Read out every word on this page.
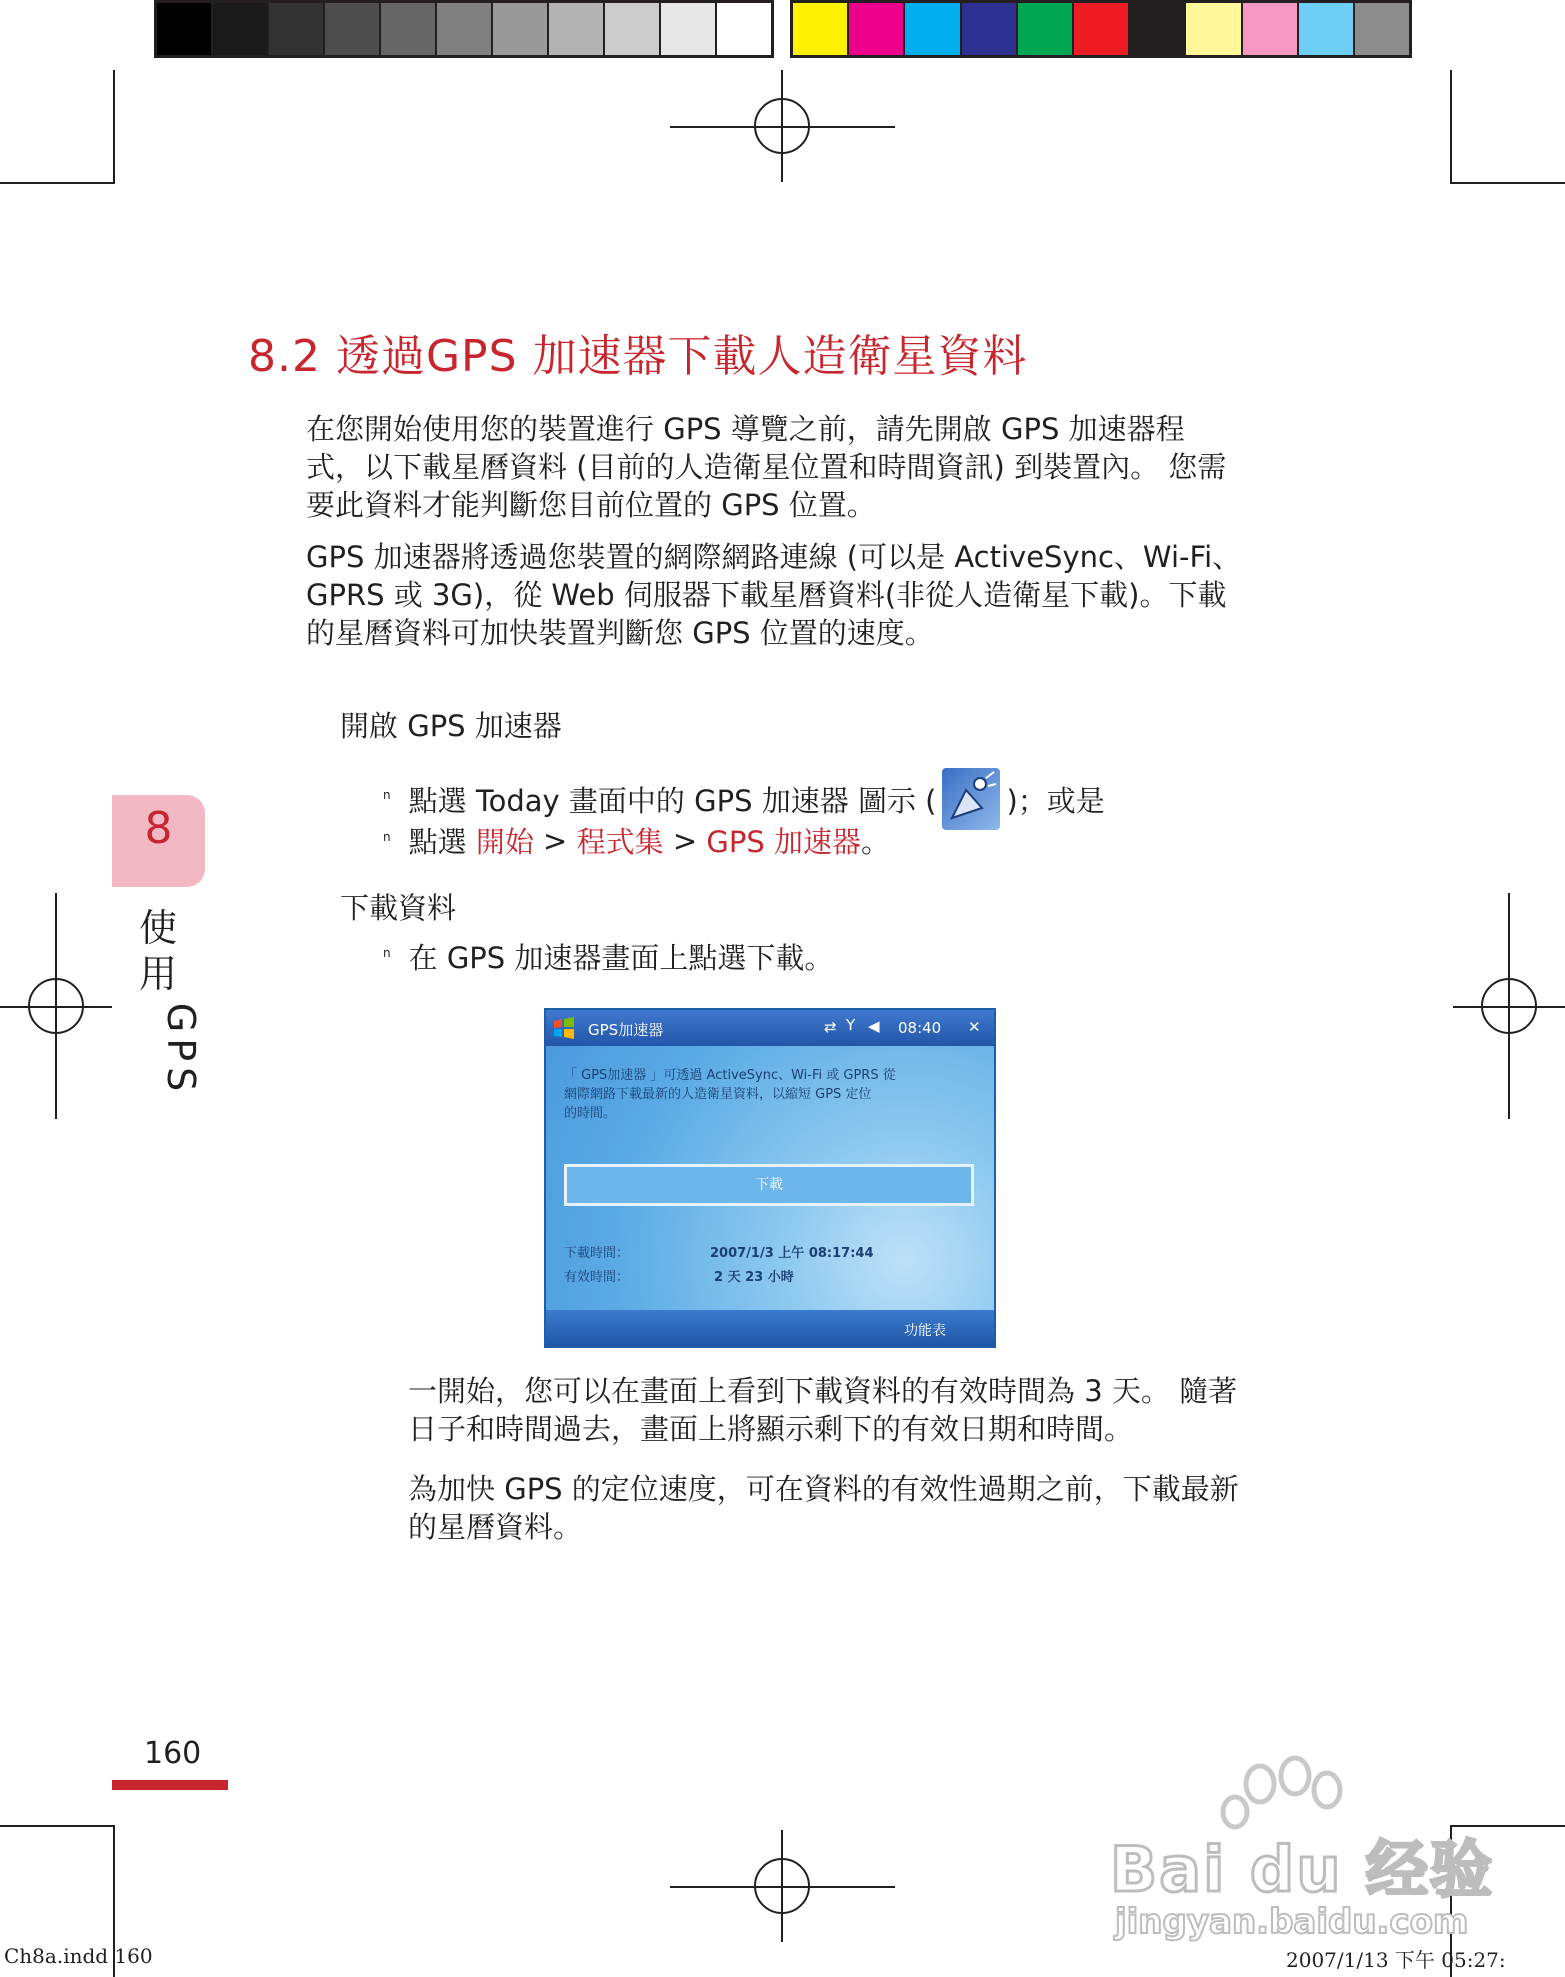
8
使
用
GPS
8.2 透過GPS 加速器下載人造衛星資料

在您開始使用您的裝置進行 GPS 導覽之前，請先開啟 GPS 加速器程

式，以下載星曆資料 (目前的人造衛星位置和時間資訊) 到裝置內。 您需

要此資料才能判斷您目前位置的 GPS 位置。

GPS 加速器將透過您裝置的網際網路連線 (可以是 ActiveSync、Wi-Fi、

GPRS 或 3G)，從 Web 伺服器下載星曆資料(非從人造衛星下載)。下載

的星曆資料可加快裝置判斷您 GPS 位置的速度。

開啟 GPS 加速器
n 點選 Today 畫面中的 GPS 加速器 圖示 ( )；或是
n 點選 開始 > 程式集 > GPS 加速器 。
下載資料
n 在 GPS 加速器畫面上點選下載。
GPS加速器	⇄ Y ◀ 08:40 ✕
「 GPS加速器 」可透過 ActiveSync、Wi-Fi 或 GPRS 從
網際網路下載最新的人造衛星資料，以縮短 GPS 定位
的時間。
下載
下載時間：	2007/1/3 上午 08:17:44
有效時間：	2 天 23 小時
功能表

一開始，您可以在畫面上看到下載資料的有效時間為 3 天。 隨著

日子和時間過去，畫面上將顯示剩下的有效日期和時間。

為加快 GPS 的定位速度，可在資料的有效性過期之前，下載最新

的星曆資料。

160
Ch8a.indd 160	2007/1/13 下午 05:27:
Bai du 经验
jingyan.baidu.com
